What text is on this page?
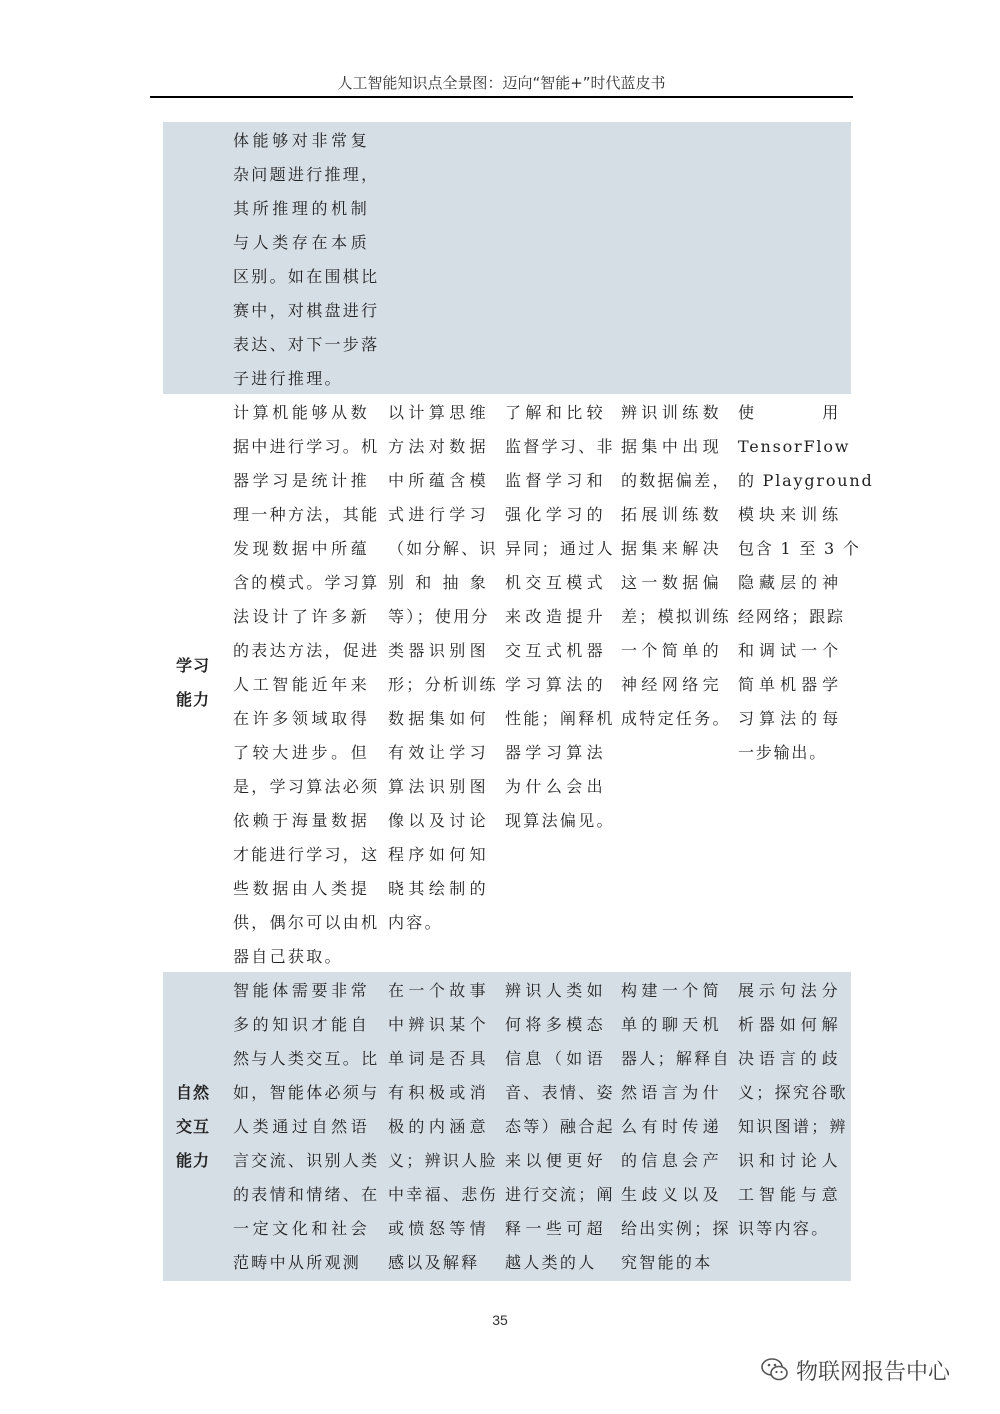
人工智能知识点全景图：迈向“智能+”时代蓝皮书
体能够对非常复
杂问题进行推理，
其所推理的机制
与人类存在本质
区别。如在围棋比
赛中，对棋盘进行
表达、对下一步落
子进行推理。
学习
能力
计算机能够从数
据中进行学习。机
器学习是统计推
理一种方法，其能
发现数据中所蕴
含的模式。学习算
法设计了许多新
的表达方法，促进
人工智能近年来
在许多领域取得
了较大进步。但
是，学习算法必须
依赖于海量数据
才能进行学习，这
些数据由人类提
供，偶尔可以由机
器自己获取。
以计算思维
方法对数据
中所蕴含模
式进行学习
（如分解、识
别和抽象
等）；使用分
类器识别图
形；分析训练
数据集如何
有效让学习
算法识别图
像以及讨论
程序如何知
晓其绘制的
内容。
了解和比较
监督学习、非
监督学习和
强化学习的
异同；通过人
机交互模式
来改造提升
交互式机器
学习算法的
性能；阐释机
器学习算法
为什么会出
现算法偏见。
辨识训练数
据集中出现
的数据偏差，
拓展训练数
据集来解决
这一数据偏
差；模拟训练
一个简单的
神经网络完
成特定任务。
使　　用
TensorFlow
的 Playground
模块来训练
包含 1 至 3 个
隐藏层的神
经网络；跟踪
和调试一个
简单机器学
习算法的每
一步输出。
自然
交互
能力
智能体需要非常
多的知识才能自
然与人类交互。比
如，智能体必须与
人类通过自然语
言交流、识别人类
的表情和情绪、在
一定文化和社会
范畴中从所观测
在一个故事
中辨识某个
单词是否具
有积极或消
极的内涵意
义；辨识人脸
中幸福、悲伤
或愤怒等情
感以及解释
辨识人类如
何将多模态
信息（如语
音、表情、姿
态等）融合起
来以便更好
进行交流；阐
释一些可超
越人类的人
构建一个简
单的聊天机
器人；解释自
然语言为什
么有时传递
的信息会产
生歧义以及
给出实例；探
究智能的本
展示句法分
析器如何解
决语言的歧
义；探究谷歌
知识图谱；辨
识和讨论人
工智能与意
识等内容。
35
物联网报告中心
